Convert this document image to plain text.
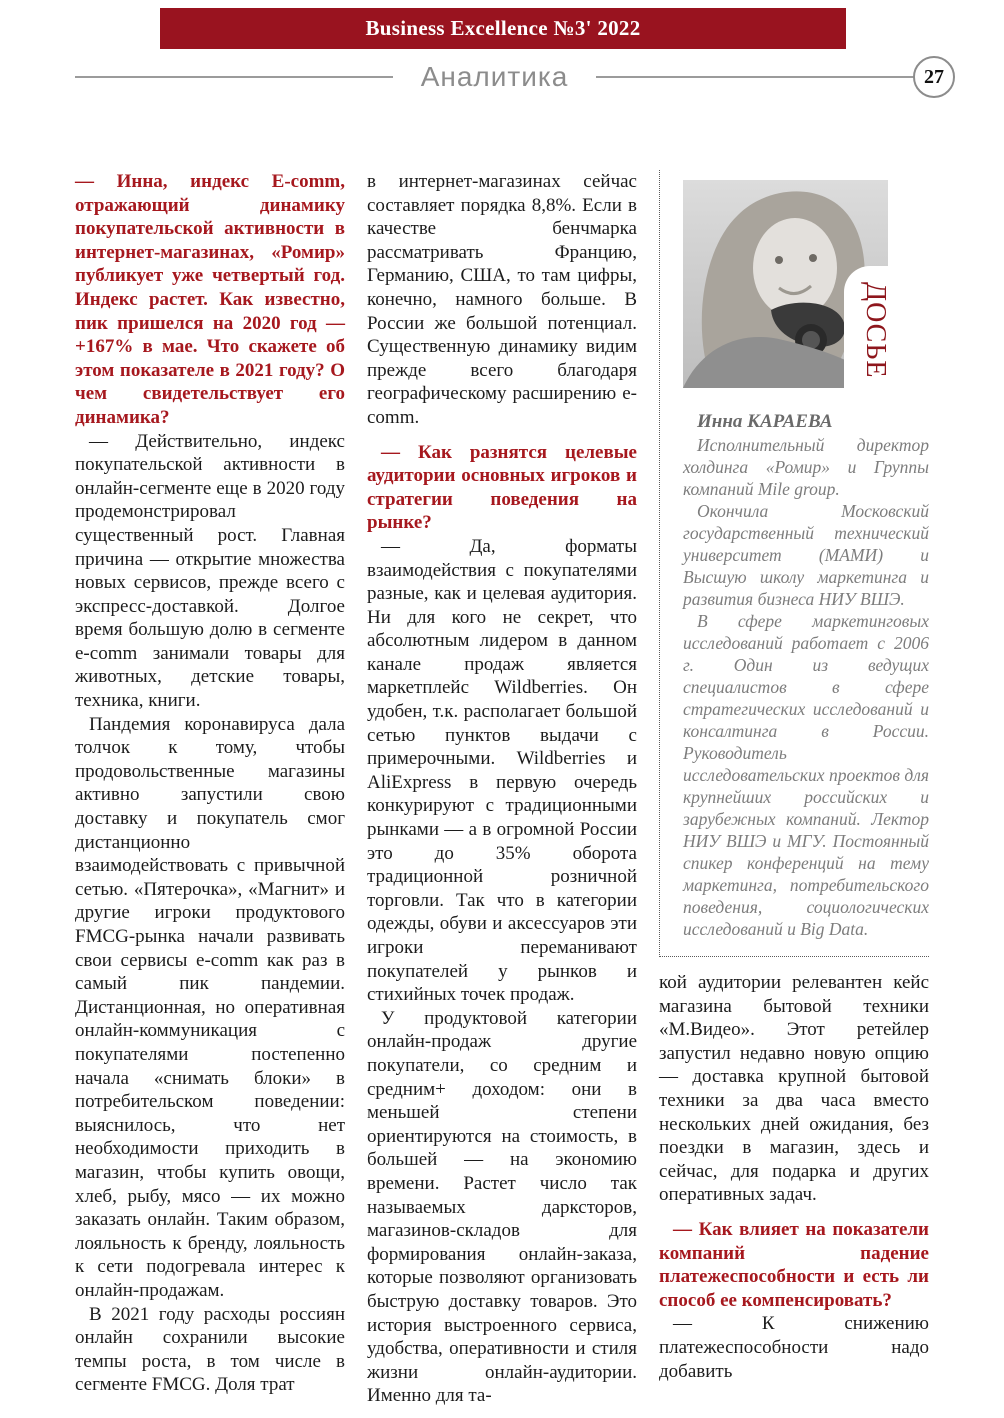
Business Excellence №3' 2022
Аналитика	27

— Инна, индекс E-comm, отражающий динамику покупательской активности в интернет-магазинах, «Ромир» публикует уже четвертый год. Индекс растет. Как известно, пик пришелся на 2020 год — +167% в мае. Что скажете об этом показателе в 2021 году? О чем свидетельствует его динамика?

— Действительно, индекс покупательской активности в онлайн-сегменте еще в 2020 году продемонстрировал существенный рост. Главная причина — открытие множества новых сервисов, прежде всего с экспресс-доставкой. Долгое время большую долю в сегменте e-comm занимали товары для животных, детские товары, техника, книги.

Пандемия коронавируса дала толчок к тому, чтобы продовольственные магазины активно запустили свою доставку и покупатель смог дистанционно взаимодействовать с привычной сетью. «Пятерочка», «Магнит» и другие игроки продуктового FMCG-рынка начали развивать свои сервисы e-comm как раз в самый пик пандемии. Дистанционная, но оперативная онлайн-коммуникация с покупателями постепенно начала «снимать блоки» в потребительском поведении: выяснилось, что нет необходимости приходить в магазин, чтобы купить овощи, хлеб, рыбу, мясо — их можно заказать онлайн. Таким образом, лояльность к бренду, лояльность к сети подогревала интерес к онлайн-продажам.

В 2021 году расходы россиян онлайн сохранили высокие темпы роста, в том числе в сегменте FMCG. Доля трат

в интернет-магазинах сейчас составляет порядка 8,8%. Если в качестве бенчмарка рассматривать Францию, Германию, США, то там цифры, конечно, намного больше. В России же большой потенциал. Существенную динамику видим прежде всего благодаря географическому расширению e-comm.

— Как разнятся целевые аудитории основных игроков и стратегии поведения на рынке?

— Да, форматы взаимодействия с покупателями разные, как и целевая аудитория. Ни для кого не секрет, что абсолютным лидером в данном канале продаж является маркетплейс Wildberries. Он удобен, т.к. располагает большой сетью пунктов выдачи с примерочными. Wildberries и AliExpress в первую очередь конкурируют с традиционными рынками — а в огромной России это до 35% оборота традиционной розничной торговли. Так что в категории одежды, обуви и аксессуаров эти игроки переманивают покупателей у рынков и стихийных точек продаж.

У продуктовой категории онлайн-продаж другие покупатели, со средним и средним+ доходом: они в меньшей степени ориентируются на стоимость, в большей — на экономию времени. Растет число так называемых дарксторов, магазинов-складов для формирования онлайн-заказа, которые позволяют организовать быструю доставку товаров. Это история выстроенного сервиса, удобства, оперативности и стиля жизни онлайн-аудитории. Именно для та-

ДОСЬЕ
Инна КАРАЕВА

Исполнительный директор холдинга «Ромир» и Группы компаний Mile group.

Окончила Московский государственный технический университет (МАМИ) и Высшую школу маркетинга и развития бизнеса НИУ ВШЭ.

В сфере маркетинговых исследований работает с 2006 г. Один из ведущих специалистов в сфере стратегических исследований и консалтинга в России. Руководитель исследовательских проектов для крупнейших российских и зарубежных компаний. Лектор НИУ ВШЭ и МГУ. Постоянный спикер конференций на тему маркетинга, потребительского поведения, социологических исследований и Big Data.

кой аудитории релевантен кейс магазина бытовой техники «М.Видео». Этот ретейлер запустил недавно новую опцию — доставка крупной бытовой техники за два часа вместо нескольких дней ожидания, без поездки в магазин, здесь и сейчас, для подарка и других оперативных задач.

— Как влияет на показатели компаний падение платежеспособности и есть ли способ ее компенсировать?

— К снижению платежеспособности надо добавить
